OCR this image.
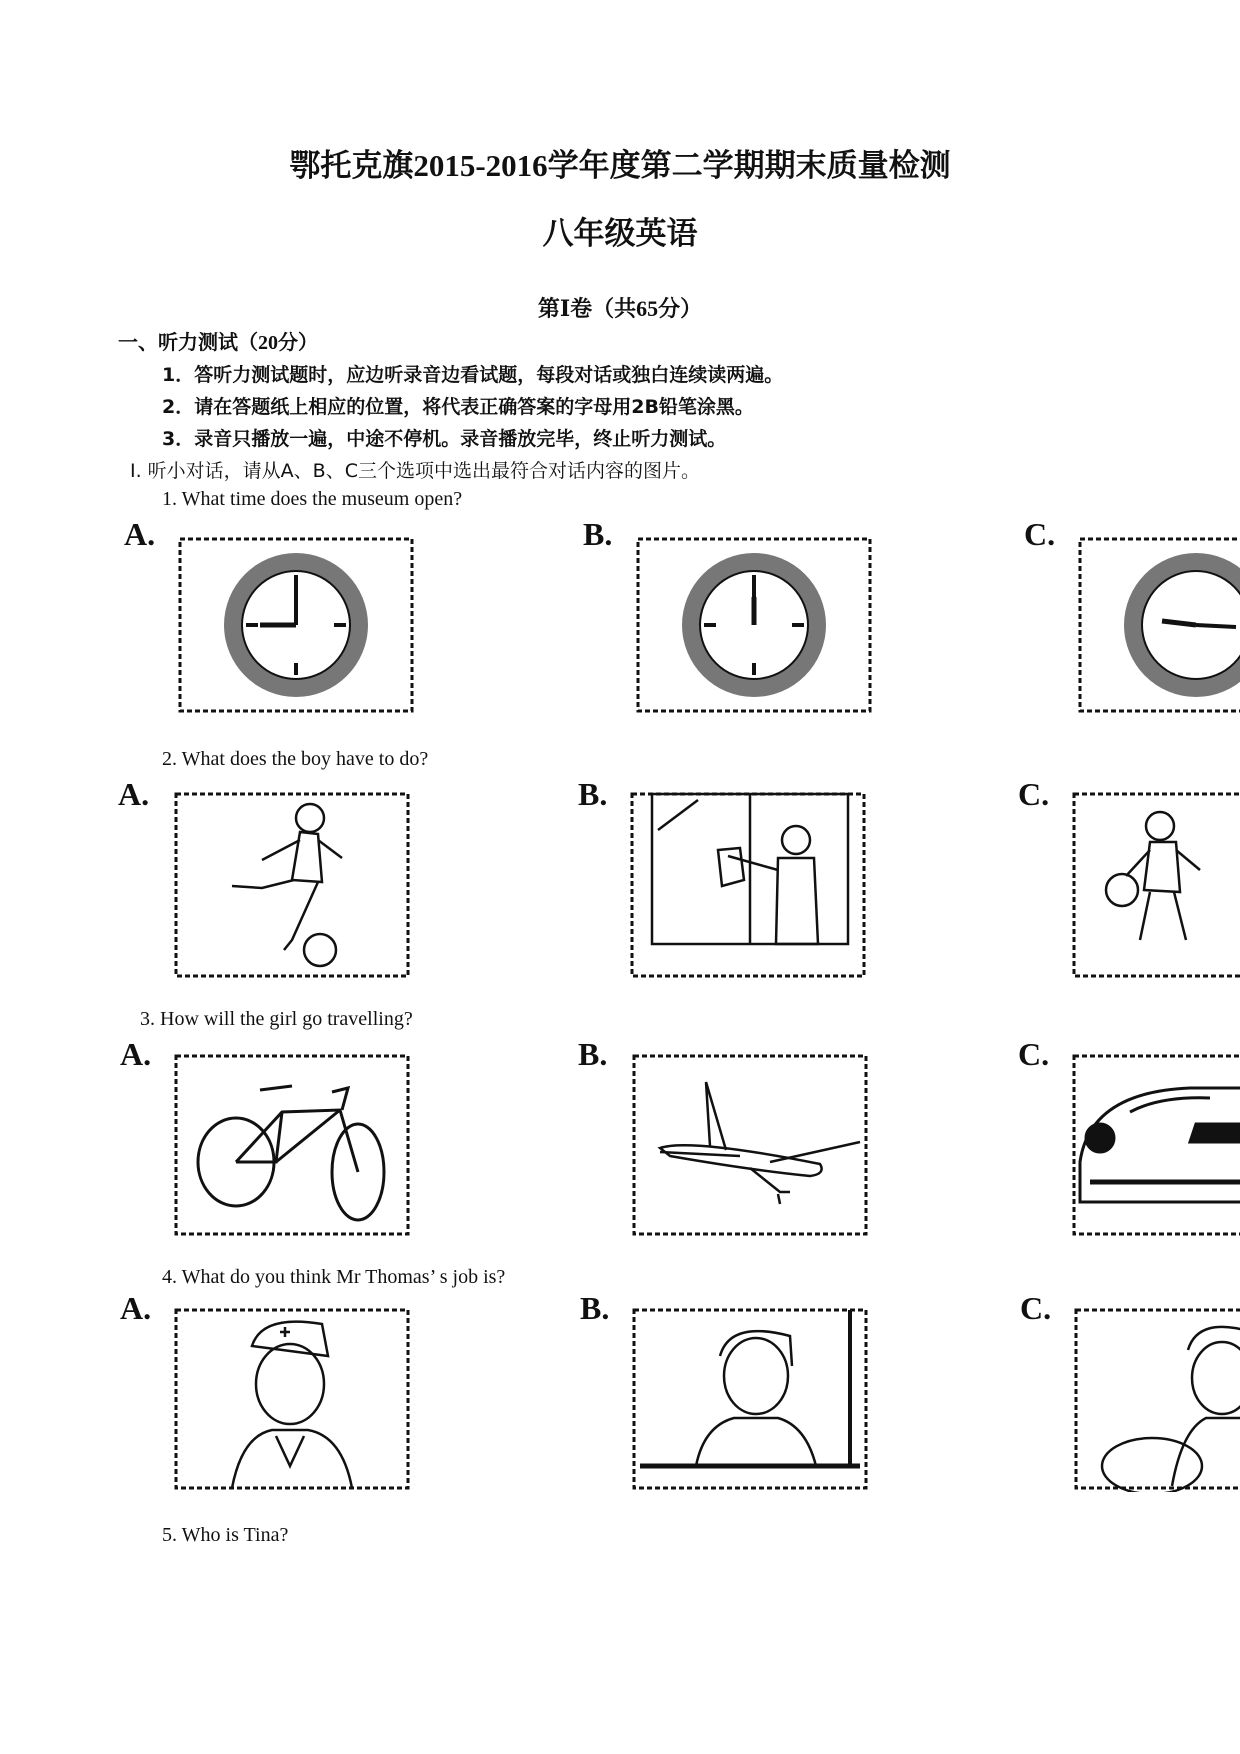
鄂托克旗2015-2016学年度第二学期期末质量检测
八年级英语
第Ⅰ卷（共65分）
一、听力测试（20分）
1．答听力测试题时，应边听录音边看试题，每段对话或独白连续读两遍。
2．请在答题纸上相应的位置，将代表正确答案的字母用2B铅笔涂黑。
3．录音只播放一遍，中途不停机。录音播放完毕，终止听力测试。
Ⅰ. 听小对话，请从A、B、C三个选项中选出最符合对话内容的图片。
1. What time does the museum open?
A.	B.	C.
2. What does the boy have to do?
A.	B.	C.
3. How will the girl go travelling?
A.	B.	C.
4. What do you think Mr Thomas’ s job is?
A.	B.	C.
5. Who is Tina?
